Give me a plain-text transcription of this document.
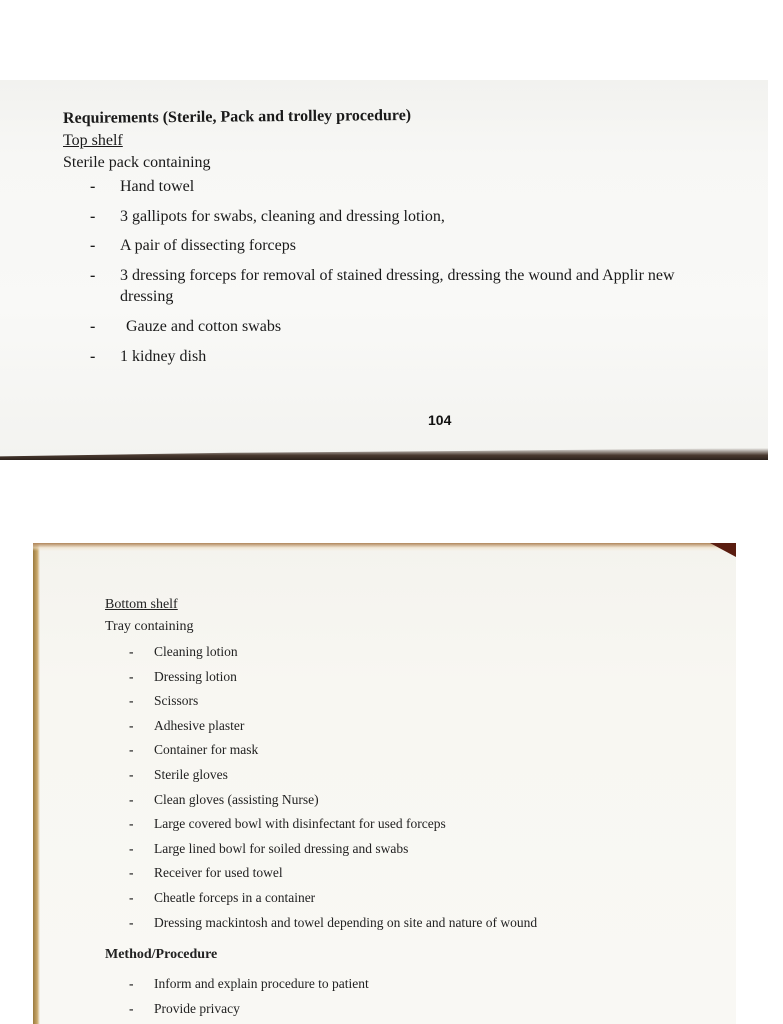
Requirements (Sterile, Pack and trolley procedure)
Top shelf
Sterile pack containing
- Hand towel
- 3 gallipots for swabs, cleaning and dressing lotion,
- A pair of dissecting forceps
- 3 dressing forceps for removal of stained dressing, dressing the wound and Applir new dressing
- Gauze and cotton swabs
- 1 kidney dish
104
Bottom shelf
Tray containing
- Cleaning lotion
- Dressing lotion
- Scissors
- Adhesive plaster
- Container for mask
- Sterile gloves
- Clean gloves (assisting Nurse)
- Large covered bowl with disinfectant for used forceps
- Large lined bowl for soiled dressing and swabs
- Receiver for used towel
- Cheatle forceps in a container
- Dressing mackintosh and towel depending on site and nature of wound
Method/Procedure
- Inform and explain procedure to patient
- Provide privacy
